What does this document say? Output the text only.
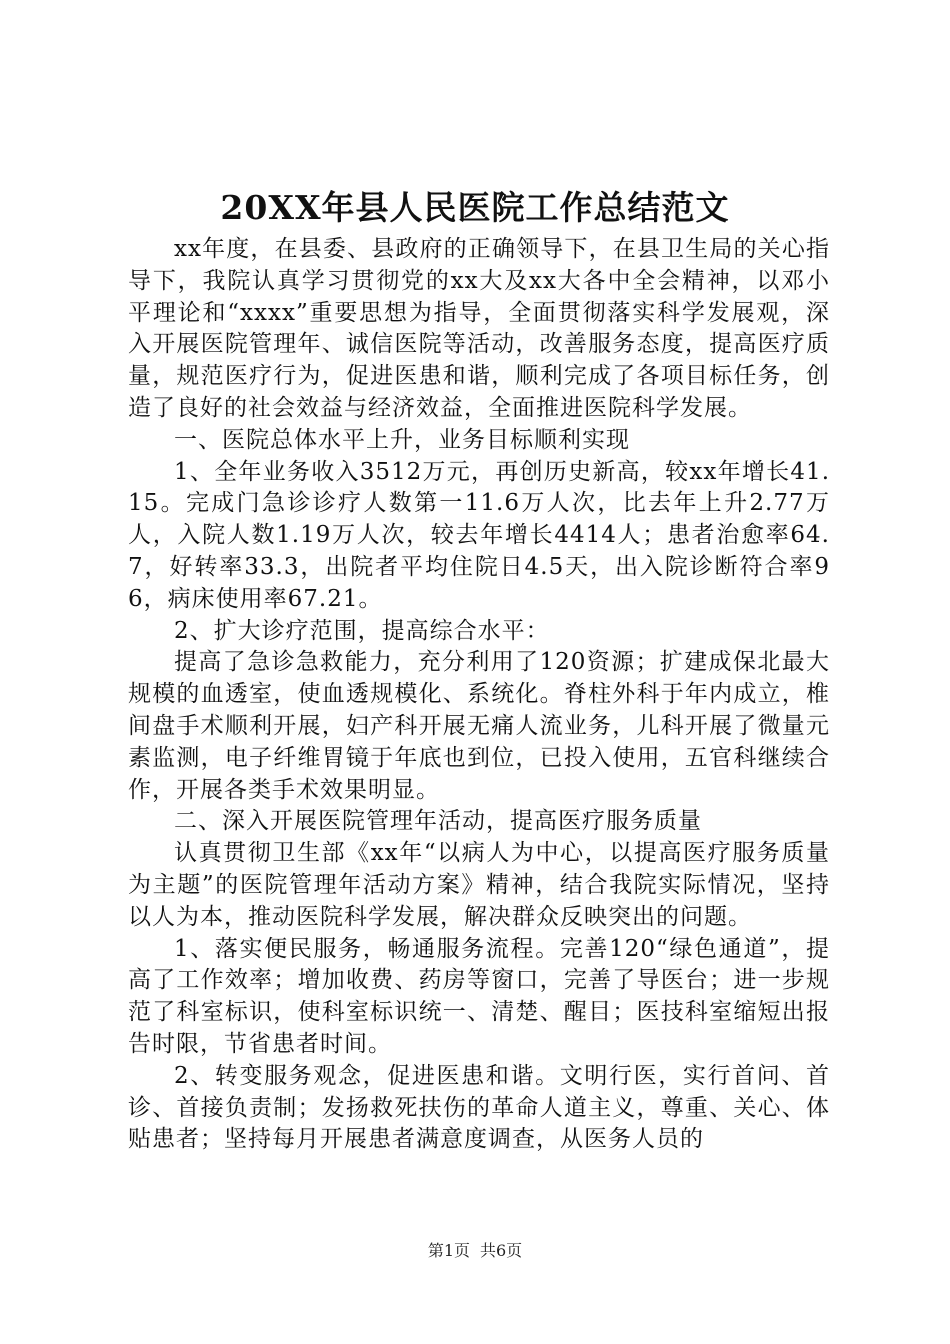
20XX年县人民医院工作总结范文

xx年度，在县委、县政府的正确领导下，在县卫生局的关心指导下，我院认真学习贯彻党的xx大及xx大各中全会精神，以邓小平理论和“xxxx”重要思想为指导，全面贯彻落实科学发展观，深入开展医院管理年、诚信医院等活动，改善服务态度，提高医疗质量，规范医疗行为，促进医患和谐，顺利完成了各项目标任务，创造了良好的社会效益与经济效益，全面推进医院科学发展。

一、医院总体水平上升，业务目标顺利实现

1、全年业务收入3512万元，再创历史新高，较xx年增长41.15。完成门急诊诊疗人数第一11.6万人次，比去年上升2.77万人，入院人数1.19万人次，较去年增长4414人；患者治愈率64.7，好转率33.3，出院者平均住院日4.5天，出入院诊断符合率96，病床使用率67.21。

2、扩大诊疗范围，提高综合水平：

提高了急诊急救能力，充分利用了120资源；扩建成保北最大规模的血透室，使血透规模化、系统化。脊柱外科于年内成立，椎间盘手术顺利开展，妇产科开展无痛人流业务，儿科开展了微量元素监测，电子纤维胃镜于年底也到位，已投入使用，五官科继续合作，开展各类手术效果明显。

二、深入开展医院管理年活动，提高医疗服务质量

认真贯彻卫生部《xx年“以病人为中心，以提高医疗服务质量为主题”的医院管理年活动方案》精神，结合我院实际情况，坚持以人为本，推动医院科学发展，解决群众反映突出的问题。

1、落实便民服务，畅通服务流程。完善120“绿色通道”，提高了工作效率；增加收费、药房等窗口，完善了导医台；进一步规范了科室标识，使科室标识统一、清楚、醒目；医技科室缩短出报告时限，节省患者时间。

2、转变服务观念，促进医患和谐。文明行医，实行首问、首诊、首接负责制；发扬救死扶伤的革命人道主义，尊重、关心、体贴患者；坚持每月开展患者满意度调查，从医务人员的

第1页 共6页
